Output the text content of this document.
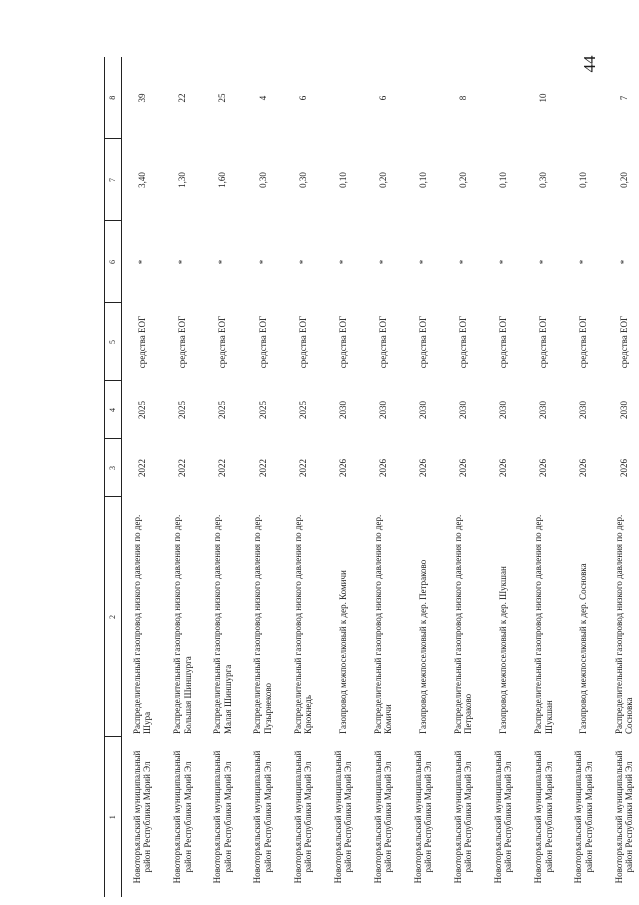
44
1	2	3	4	5	6	7	8
Новоторъяльский муниципальный район Республики Марий Эл	Распределительный газопровод низкого давления по дер. Шура	2022	2025	средства ЕОГ	*	3,40	39
Новоторъяльский муниципальный район Республики Марий Эл	Распределительный газопровод низкого давления по дер. Большая Шиншурга	2022	2025	средства ЕОГ	*	1,30	22
Новоторъяльский муниципальный район Республики Марий Эл	Распределительный газопровод низкого давления по дер. Малая Шиншурга	2022	2025	средства ЕОГ	*	1,60	25
Новоторъяльский муниципальный район Республики Марий Эл	Распределительный газопровод низкого давления по дер. Пузырнеково	2022	2025	средства ЕОГ	*	0,30	4
Новоторъяльский муниципальный район Республики Марий Эл	Распределительный газопровод низкого давления по дер. Крюкнедь	2022	2025	средства ЕОГ	*	0,30	6
Новоторъяльский муниципальный район Республики Марий Эл	Газопровод межпоселковый к дер. Комичи	2026	2030	средства ЕОГ	*	0,10	
Новоторъяльский муниципальный район Республики Марий Эл	Распределительный газопровод низкого давления по дер. Комичи	2026	2030	средства ЕОГ	*	0,20	6
Новоторъяльский муниципальный район Республики Марий Эл	Газопровод межпоселковый к дер. Петраково	2026	2030	средства ЕОГ	*	0,10	
Новоторъяльский муниципальный район Республики Марий Эл	Распределительный газопровод низкого давления по дер. Петраково	2026	2030	средства ЕОГ	*	0,20	8
Новоторъяльский муниципальный район Республики Марий Эл	Газопровод межпоселковый к дер. Шукшан	2026	2030	средства ЕОГ	*	0,10	
Новоторъяльский муниципальный район Республики Марий Эл	Распределительный газопровод низкого давления по дер. Шукшан	2026	2030	средства ЕОГ	*	0,30	10
Новоторъяльский муниципальный район Республики Марий Эл	Газопровод межпоселковый к дер. Сосновка	2026	2030	средства ЕОГ	*	0,10	
Новоторъяльский муниципальный район Республики Марий Эл	Распределительный газопровод низкого давления по дер. Сосновка	2026	2030	средства ЕОГ	*	0,20	7
